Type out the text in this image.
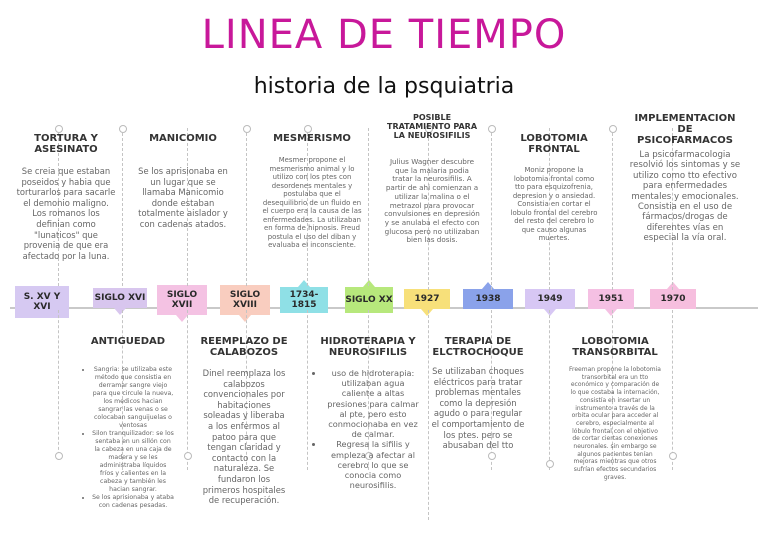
LINEA DE TIEMPO
historia de la psquiatria
S. XV Y XVI
SIGLO XVI	SIGLO XVII
SIGLO XVIII
1734-1815	SIGLO XX	1927	1938	1949	1951	1970
TORTURA Y ASESINATO
Se creia que estaban poseidos y habia que torturarlos para sacarle el demonio maligno. Los romanos los definian como "lunaticos" que provenia de que era afectado por la luna.
MANICOMIO
Se los aprisionaba en un lugar que se llamaba Manicomio donde estaban totalmente aislador y con cadenas atados.
MESMERISMO
Mesmer propone el mesmerismo animal y lo utilizo con los ptes con desordenes mentales y postulaba que el desequilibrio de un fluido en el cuerpo era la causa de las enfermedades. La utilizaban en forma de hipnosis. Freud postula el uso del diban y evaluaba el inconsciente.
POSIBLE TRATAMIENTO PARA LA NEUROSIFILIS
Julius Wagner descubre que la malaria podia tratar la neurosifilis. A partir de ahi comienzan a utilizar la malina o el metrazol para provocar convulsiones en depresión y se anulaba el efecto con glucosa pero no utilizaban bien las dosis.
LOBOTOMIA FRONTAL
Moniz propone la lobotomia frontal como tto para esquizofrenia, depresion y o ansiedad. Consistia en cortar el lobulo frontal del cerebro del resto del cerebro lo que causo algunas muertes.
IMPLEMENTACION DE PSICOFARMACOS
La psicofarmacologia resolvió los sintomas y se utilizo como tto efectivo para enfermedades mentales y emocionales. Consistia en el uso de fármacos/drogas de diferentes vías en especial la vía oral.
ANTIGUEDAD
• Sangria: se utilizaba este método que consistia en derramar sangre viejo para que circule la nueva, los medicos hacian sangrar las venas o se colocaban sanguijuelas o ventosas
• Silon tranquilizador: se los sentaba en un sillón con la cabeza en una caja de madera y se les administraba líquidos fríos y calientes en la cabeza y también les hacian sangrar.
• Se los aprisionaba y ataba con cadenas pesadas.
REEMPLAZO DE CALABOZOS
Dinel reemplaza los calabozos convencionales por habitaciones soleadas y liberaba a los enfermos al patoo para que tengan claridad y contacto con la naturaleza. Se fundaron los primeros hospitales de recuperación.
HIDROTERAPIA Y NEUROSIFILIS
• uso de hidroterapia: utilizaban agua caliente a altas presiones para calmar al pte, pero esto conmocionaba en vez de calmar.
• Regresa la sifilis y empleza a afectar al cerebro lo que se conocia como neurosifilis.
TERAPIA DE ELCTROCHOQUE
Se utilizaban choques eléctricos para tratar problemas mentales como la depresión agudo o para regular el comportamiento de los ptes. pero se abusaban del tto
LOBOTOMIA TRANSORBITAL
Freeman propone la lobotomia transorbital era un tto económico y comparación de lo que costaba la internación, consistía en insertar un instrumento a través de la orbita ocular para acceder al cerebro, especialmente al lóbulo frontal con el objetivo de cortar ciertas conexiones neuronales. sin embargo se algunos pacientes tenían mejoras mientras que otros sufrían efectos secundarios graves.
